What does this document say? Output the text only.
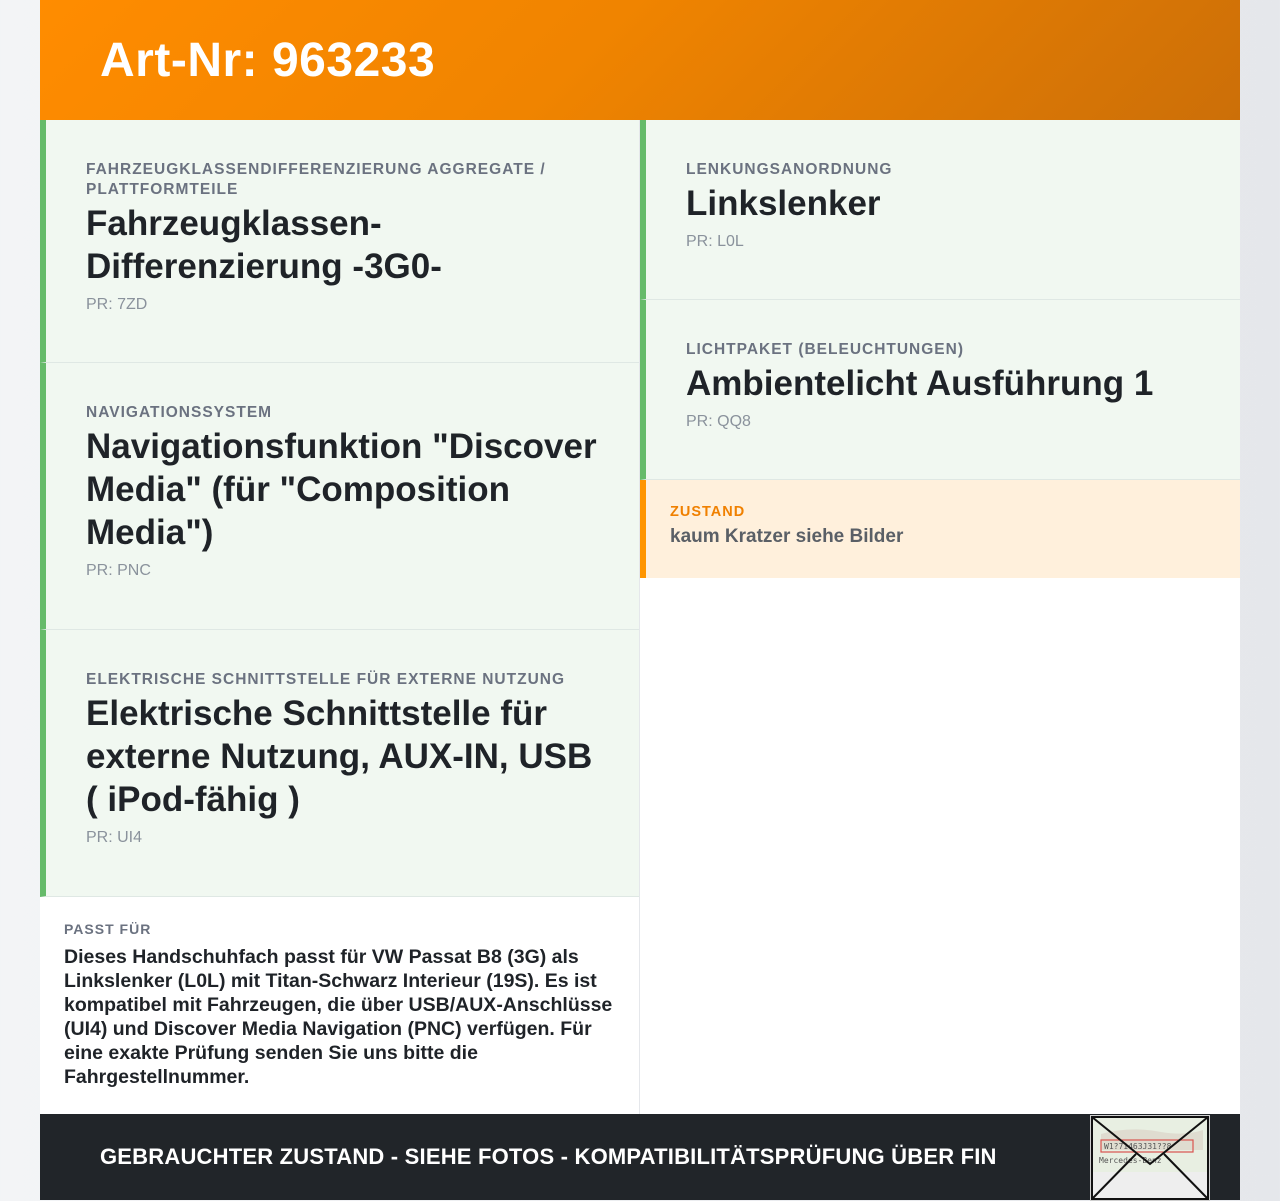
Art-Nr: 963233
FAHRZEUGKLASSENDIFFERENZIERUNG AGGREGATE / PLATTFORMTEILE
Fahrzeugklassen-Differenzierung -3G0-
PR: 7ZD
NAVIGATIONSSYSTEM
Navigationsfunktion "Discover Media" (für "Composition Media")
PR: PNC
ELEKTRISCHE SCHNITTSTELLE FÜR EXTERNE NUTZUNG
Elektrische Schnittstelle für externe Nutzung, AUX-IN, USB ( iPod-fähig )
PR: UI4
PASST FÜR
Dieses Handschuhfach passt für VW Passat B8 (3G) als Linkslenker (L0L) mit Titan-Schwarz Interieur (19S). Es ist kompatibel mit Fahrzeugen, die über USB/AUX-Anschlüsse (UI4) und Discover Media Navigation (PNC) verfügen. Für eine exakte Prüfung senden Sie uns bitte die Fahrgestellnummer.
LENKUNGSANORDNUNG
Linkslenker
PR: L0L
LICHTPAKET (BELEUCHTUNGEN)
Ambientelicht Ausführung 1
PR: QQ8
ZUSTAND
kaum Kratzer siehe Bilder
GEBRAUCHTER ZUSTAND - SIEHE FOTOS - KOMPATIBILITÄTSPRÜFUNG ÜBER FIN	W1?71463J31??8
Mercedes-Benz
